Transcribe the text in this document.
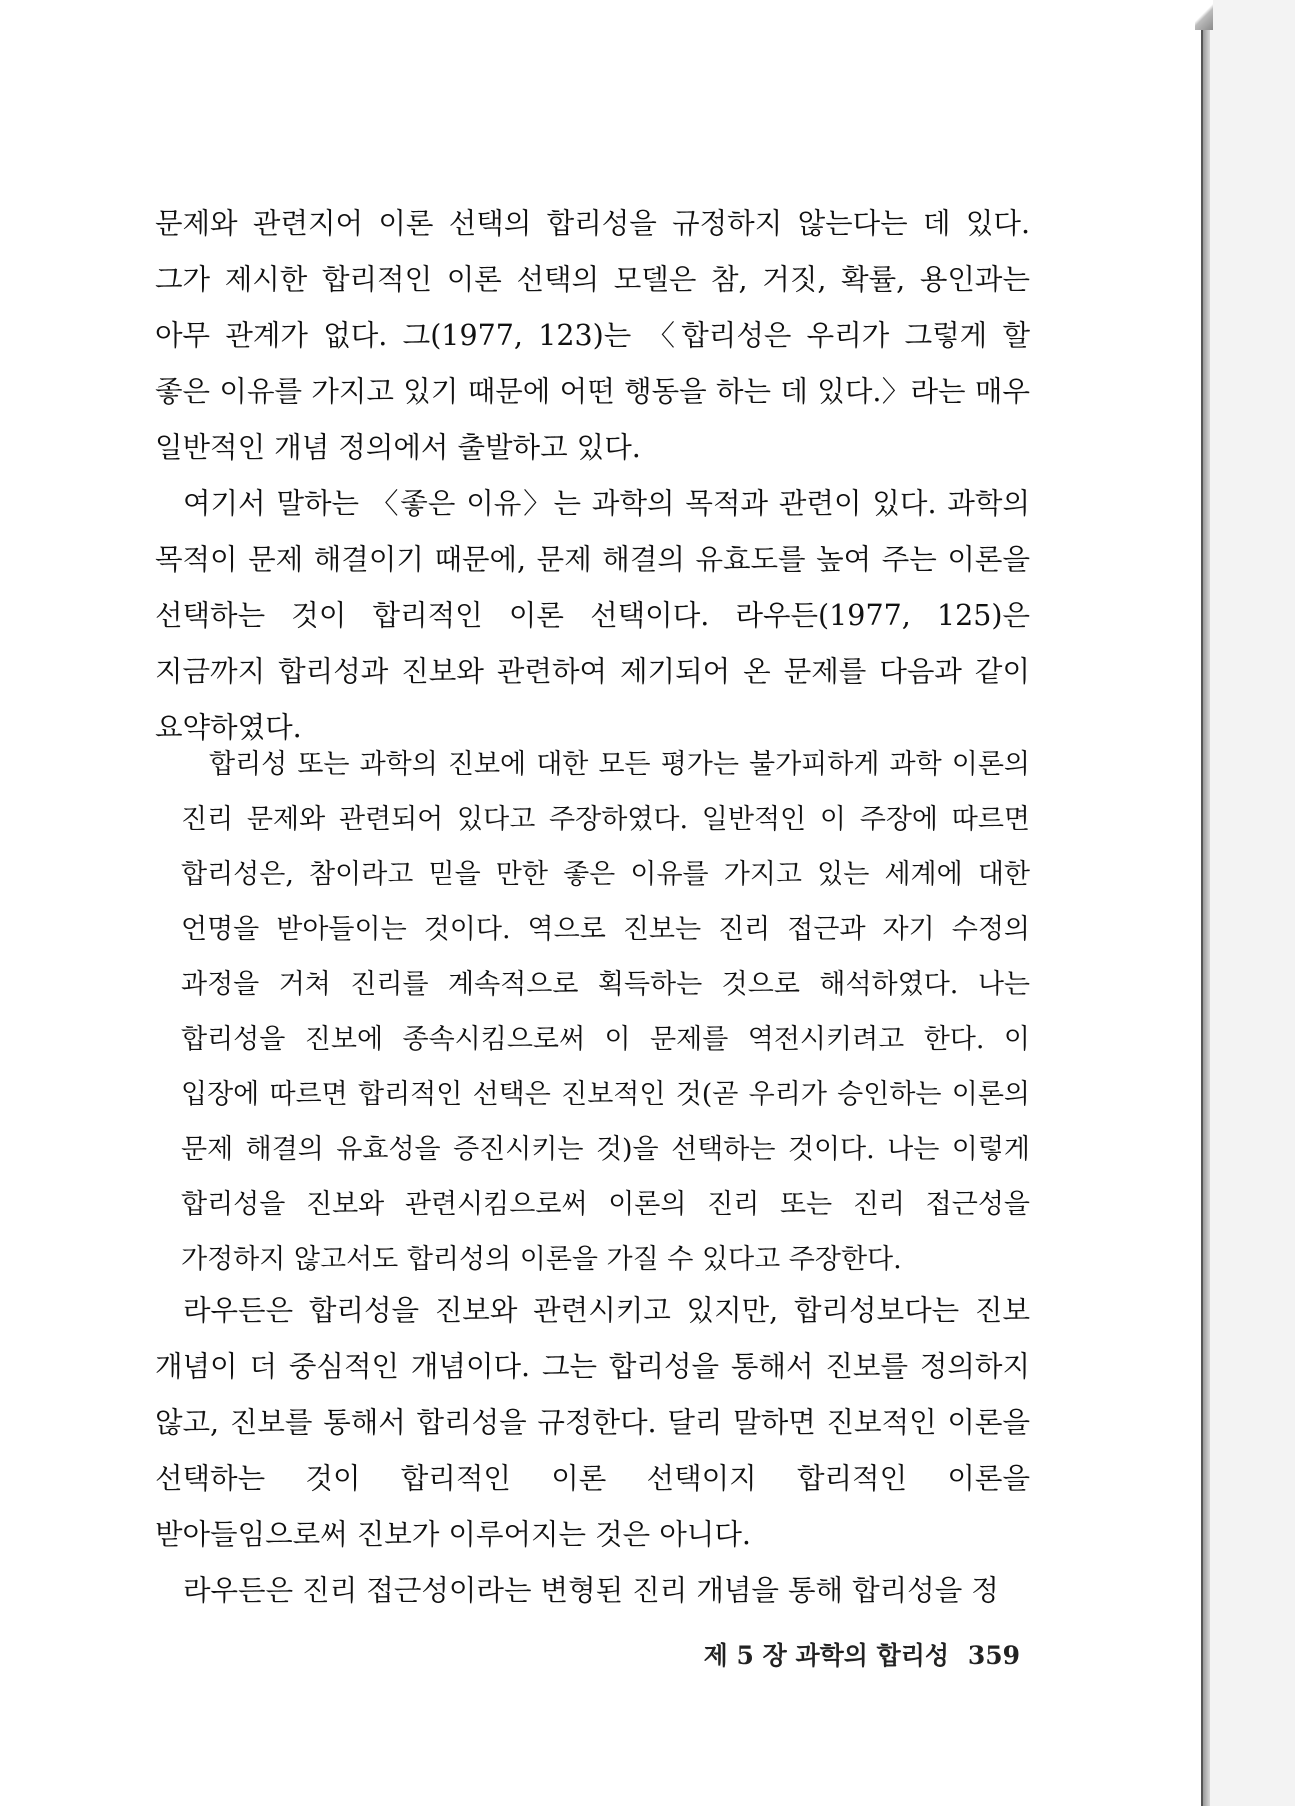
문제와 관련지어 이론 선택의 합리성을 규정하지 않는다는 데 있다. 그가 제시한 합리적인 이론 선택의 모델은 참, 거짓, 확률, 용인과는 아무 관계가 없다. 그(1977, 123)는 〈합리성은 우리가 그렇게 할 좋은 이유를 가지고 있기 때문에 어떤 행동을 하는 데 있다.〉라는 매우 일반적인 개념 정의에서 출발하고 있다.

여기서 말하는 〈좋은 이유〉는 과학의 목적과 관련이 있다. 과학의 목적이 문제 해결이기 때문에, 문제 해결의 유효도를 높여 주는 이론을 선택하는 것이 합리적인 이론 선택이다. 라우든(1977, 125)은 지금까지 합리성과 진보와 관련하여 제기되어 온 문제를 다음과 같이 요약하였다.

합리성 또는 과학의 진보에 대한 모든 평가는 불가피하게 과학 이론의 진리 문제와 관련되어 있다고 주장하였다. 일반적인 이 주장에 따르면 합리성은, 참이라고 믿을 만한 좋은 이유를 가지고 있는 세계에 대한 언명을 받아들이는 것이다. 역으로 진보는 진리 접근과 자기 수정의 과정을 거쳐 진리를 계속적으로 획득하는 것으로 해석하였다. 나는 합리성을 진보에 종속시킴으로써 이 문제를 역전시키려고 한다. 이 입장에 따르면 합리적인 선택은 진보적인 것(곧 우리가 승인하는 이론의 문제 해결의 유효성을 증진시키는 것)을 선택하는 것이다. 나는 이렇게 합리성을 진보와 관련시킴으로써 이론의 진리 또는 진리 접근성을 가정하지 않고서도 합리성의 이론을 가질 수 있다고 주장한다.

라우든은 합리성을 진보와 관련시키고 있지만, 합리성보다는 진보 개념이 더 중심적인 개념이다. 그는 합리성을 통해서 진보를 정의하지 않고, 진보를 통해서 합리성을 규정한다. 달리 말하면 진보적인 이론을 선택하는 것이 합리적인 이론 선택이지 합리적인 이론을 받아들임으로써 진보가 이루어지는 것은 아니다.

라우든은 진리 접근성이라는 변형된 진리 개념을 통해 합리성을 정

제 5 장 과학의 합리성 359
